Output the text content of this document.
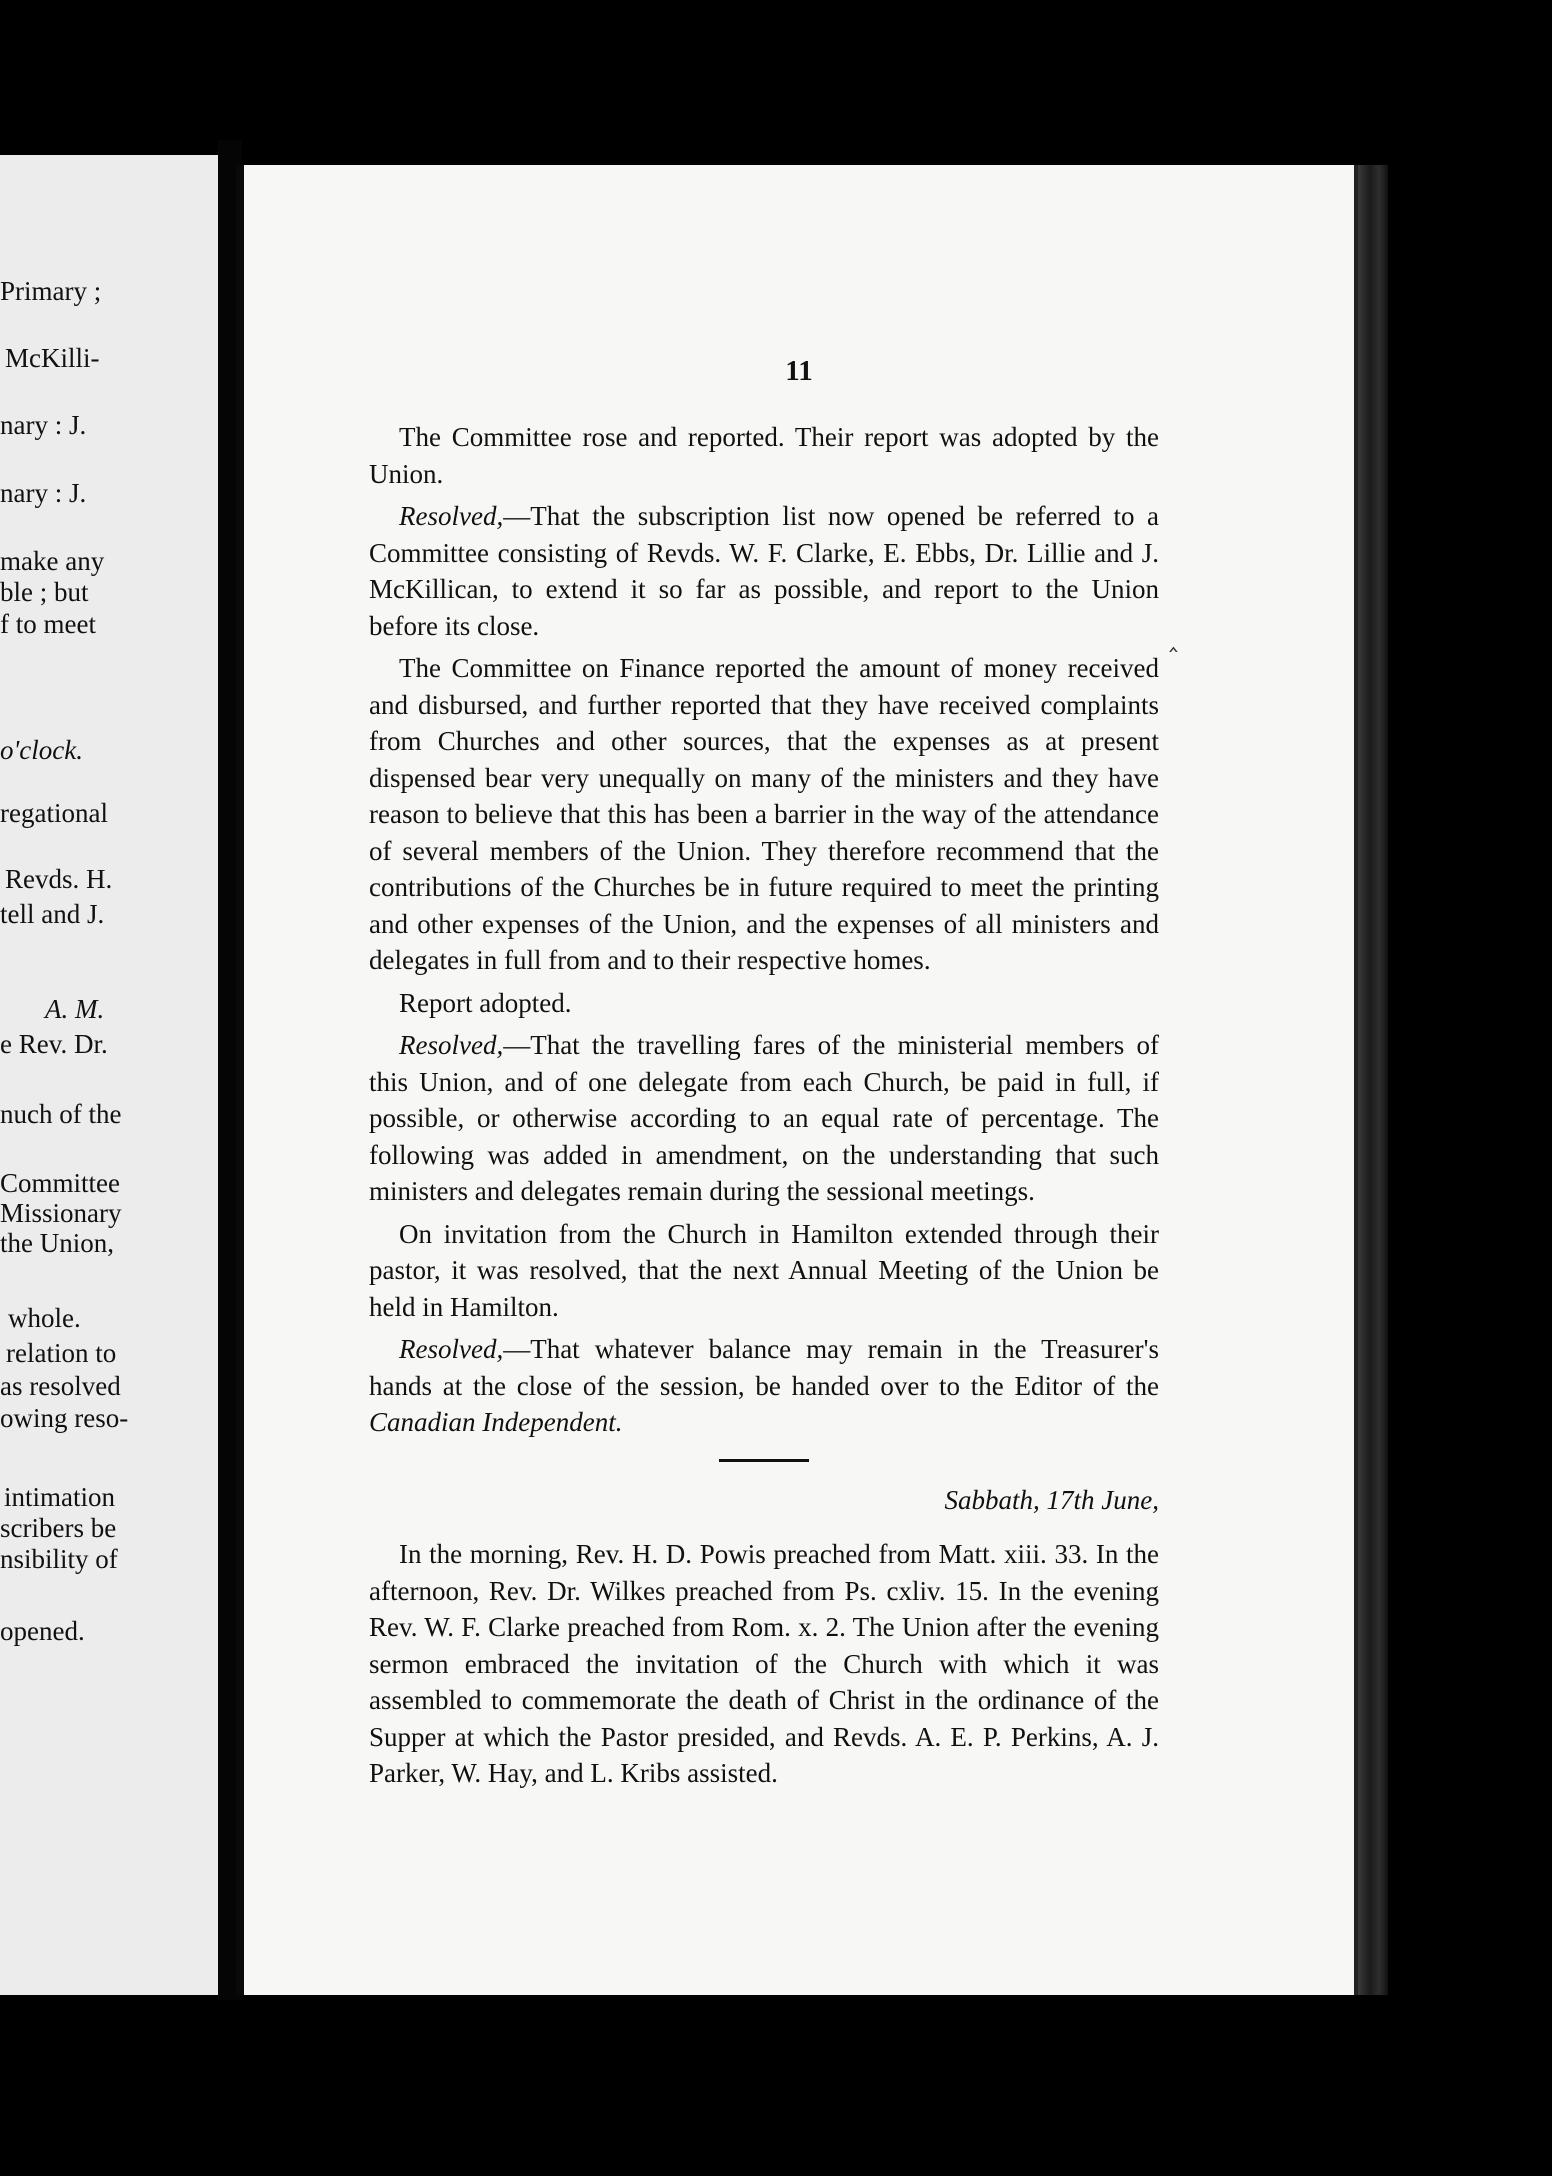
Primary ;
McKilli-
nary : J.
nary : J.
make any
ble ; but
f to meet
o'clock.
regational
Revds. H.
tell and J.
A. M.
e Rev. Dr.
nuch of the
Committee
Missionary
the Union,
whole.
relation to
as resolved
owing reso-
intimation
scribers be
nsibility of
opened.
11
‸

The Committee rose and reported. Their report was adopted by the Union.

Resolved,—That the subscription list now opened be referred to a Committee consisting of Revds. W. F. Clarke, E. Ebbs, Dr. Lillie and J. McKillican, to extend it so far as possible, and report to the Union before its close.

The Committee on Finance reported the amount of money received and disbursed, and further reported that they have received complaints from Churches and other sources, that the expenses as at present dispensed bear very unequally on many of the ministers and they have reason to believe that this has been a barrier in the way of the attendance of several members of the Union. They therefore recommend that the contributions of the Churches be in future required to meet the printing and other expenses of the Union, and the expenses of all ministers and delegates in full from and to their respective homes.

Report adopted.

Resolved,—That the travelling fares of the ministerial members of this Union, and of one delegate from each Church, be paid in full, if possible, or otherwise according to an equal rate of percentage. The following was added in amendment, on the understanding that such ministers and delegates remain during the sessional meetings.

On invitation from the Church in Hamilton extended through their pastor, it was resolved, that the next Annual Meeting of the Union be held in Hamilton.

Resolved,—That whatever balance may remain in the Treasurer's hands at the close of the session, be handed over to the Editor of the Canadian Independent.

Sabbath, 17th June,

In the morning, Rev. H. D. Powis preached from Matt. xiii. 33. In the afternoon, Rev. Dr. Wilkes preached from Ps. cxliv. 15. In the evening Rev. W. F. Clarke preached from Rom. x. 2. The Union after the evening sermon embraced the invitation of the Church with which it was assembled to commemorate the death of Christ in the ordinance of the Supper at which the Pastor presided, and Revds. A. E. P. Perkins, A. J. Parker, W. Hay, and L. Kribs assisted.
